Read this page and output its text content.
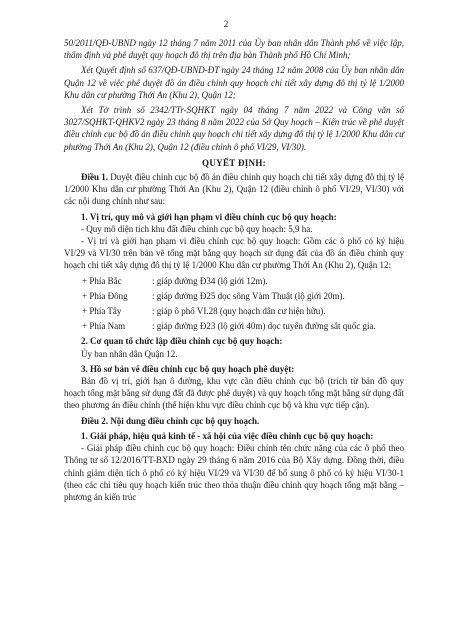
2

50/2011/QĐ-UBND ngày 12 tháng 7 năm 2011 của Ủy ban nhân dân Thành phố về việc lập, thẩm định và phê duyệt quy hoạch đô thị trên địa bàn Thành phố Hồ Chí Minh;

Xét Quyết định số 637/QĐ-UBND-ĐT ngày 24 tháng 12 năm 2008 của Ủy ban nhân dân Quận 12 về việc phê duyệt đồ án điều chỉnh quy hoạch chi tiết xây dựng đô thị tỷ lệ 1/2000 Khu dân cư phường Thới An (Khu 2), Quận 12;

Xét Tờ trình số 2342/TTr-SQHKT ngày 04 tháng 7 năm 2022 và Công văn số 3027/SQHKT-QHKV2 ngày 23 tháng 8 năm 2022 của Sở Quy hoạch – Kiến trúc về phê duyệt điều chỉnh cục bộ đồ án điều chỉnh quy hoạch chi tiết xây dựng đô thị tỷ lệ 1/2000 Khu dân cư phường Thới An (Khu 2), Quận 12 (điều chỉnh ô phố VI/29, VI/30).

QUYẾT ĐỊNH:

Điều 1. Duyệt điều chỉnh cục bộ đồ án điều chỉnh quy hoạch chi tiết xây dựng đô thị tỷ lệ 1/2000 Khu dân cư phường Thới An (Khu 2), Quận 12 (điều chỉnh ô phố VI/29, VI/30) với các nội dung chính như sau:

1. Vị trí, quy mô và giới hạn phạm vi điều chỉnh cục bộ quy hoạch:

- Quy mô diện tích khu đất điều chỉnh cục bộ quy hoạch: 5,9 ha.

- Vị trí và giới hạn phạm vi điều chỉnh cục bộ quy hoạch: Gồm các ô phố có ký hiệu VI/29 và VI/30 trên bản vẽ tổng mặt bằng quy hoạch sử dụng đất của đồ án điều chỉnh quy hoạch chi tiết xây dựng đô thị tỷ lệ 1/2000 Khu dân cư phường Thới An (Khu 2), Quận 12:

+ Phía Bắc	: giáp đường Đ34 (lộ giới 12m).
+ Phía Đông	: giáp đường Đ25 dọc sông Vàm Thuật (lộ giới 20m).
+ Phía Tây	: giáp ô phố VI.28 (quy hoạch dân cư hiện hữu).
+ Phía Nam	: giáp đường Đ23 (lộ giới 40m) dọc tuyến đường sắt quốc gia.

2. Cơ quan tổ chức lập điều chỉnh cục bộ quy hoạch:

Ủy ban nhân dân Quận 12.

3. Hồ sơ bản vẽ điều chỉnh cục bộ quy hoạch phê duyệt:

Bản đồ vị trí, giới hạn ô đường, khu vực cần điều chỉnh cục bộ (trích từ bản đồ quy hoạch tổng mặt bằng sử dụng đất đã được phê duyệt) và quy hoạch tổng mặt bằng sử dụng đất theo phương án điều chỉnh (thể hiện khu vực điều chỉnh cục bộ và khu vực tiếp cận).

Điều 2. Nội dung điều chỉnh cục bộ quy hoạch.

1. Giải pháp, hiệu quả kinh tế - xã hội của việc điều chỉnh cục bộ quy hoạch:

- Giải pháp điều chỉnh cục bộ quy hoạch: Điều chỉnh tên chức năng của các ô phố theo Thông tư số 12/2016/TT-BXD ngày 29 tháng 6 năm 2016 của Bộ Xây dựng. Đồng thời, điều chỉnh giảm diện tích ô phố có ký hiệu VI/29 và VI/30 để bổ sung ô phố có ký hiệu VI/30-1 (theo các chỉ tiêu quy hoạch kiến trúc theo thỏa thuận điều chỉnh quy hoạch tổng mặt bằng – phương án kiến trúc
